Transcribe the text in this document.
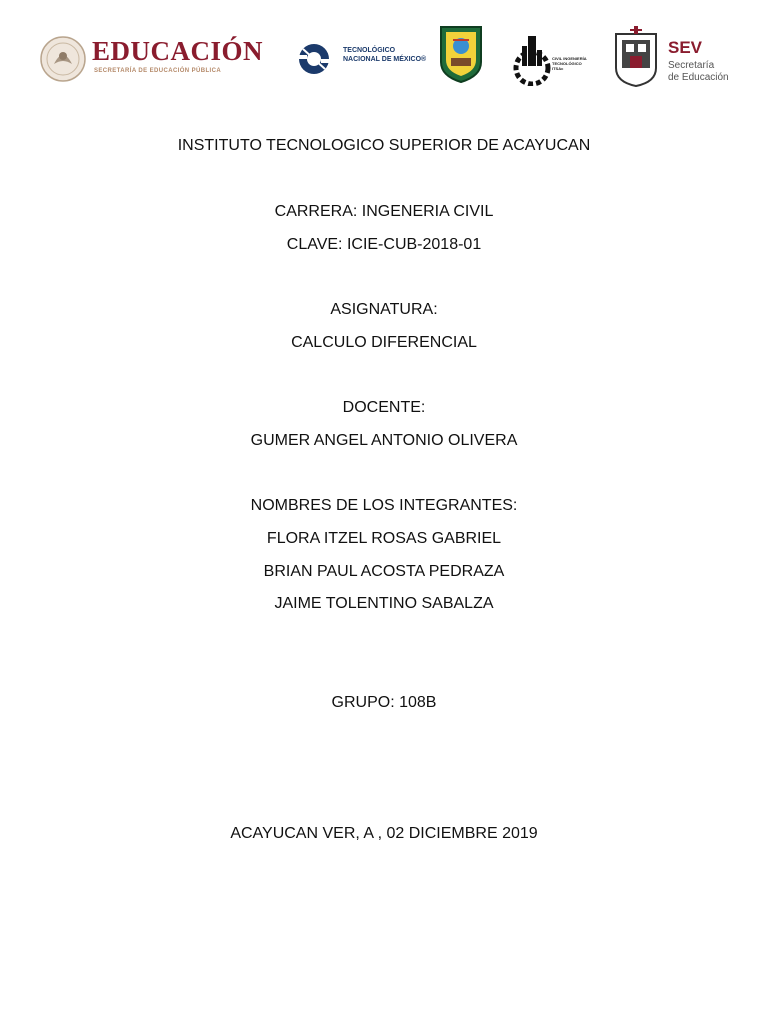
EDUCACIÓN
SECRETARÍA DE EDUCACIÓN PÚBLICA
TECNOLÓGICO
NACIONAL DE MÉXICO®	CIVIL INGENIERÍA
TECNOLÓGICO
ITSAc
SEV
Secretaría
de Educación
INSTITUTO TECNOLOGICO SUPERIOR DE ACAYUCAN
CARRERA: INGENERIA CIVIL
CLAVE: ICIE-CUB-2018-01
ASIGNATURA:
CALCULO DIFERENCIAL
DOCENTE:
GUMER ANGEL ANTONIO OLIVERA
NOMBRES DE LOS INTEGRANTES:
FLORA ITZEL ROSAS GABRIEL
BRIAN PAUL ACOSTA PEDRAZA
JAIME TOLENTINO SABALZA
GRUPO: 108B
ACAYUCAN VER, A , 02 DICIEMBRE 2019
